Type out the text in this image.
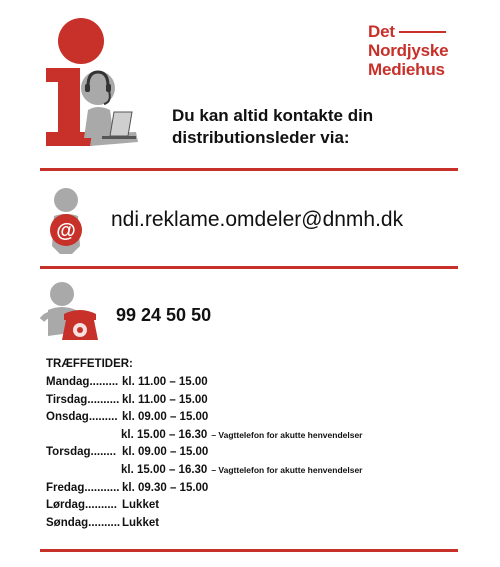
Det
Nordjyske
Mediehus
Du kan altid kontakte din
distributionsleder via:
@ ndi.reklame.omdeler@dnmh.dk
99 24 50 50
TRÆFFETIDER:
Mandag......... kl. 11.00 – 15.00
Tirsdag.......... kl. 11.00 – 15.00
Onsdag......... kl. 09.00 – 15.00
kl. 15.00 – 16.30 – Vagttelefon for akutte henvendelser
Torsdag........ kl. 09.00 – 15.00
kl. 15.00 – 16.30 – Vagttelefon for akutte henvendelser
Fredag........... kl. 09.30 – 15.00
Lørdag.......... Lukket
Søndag.......... Lukket
